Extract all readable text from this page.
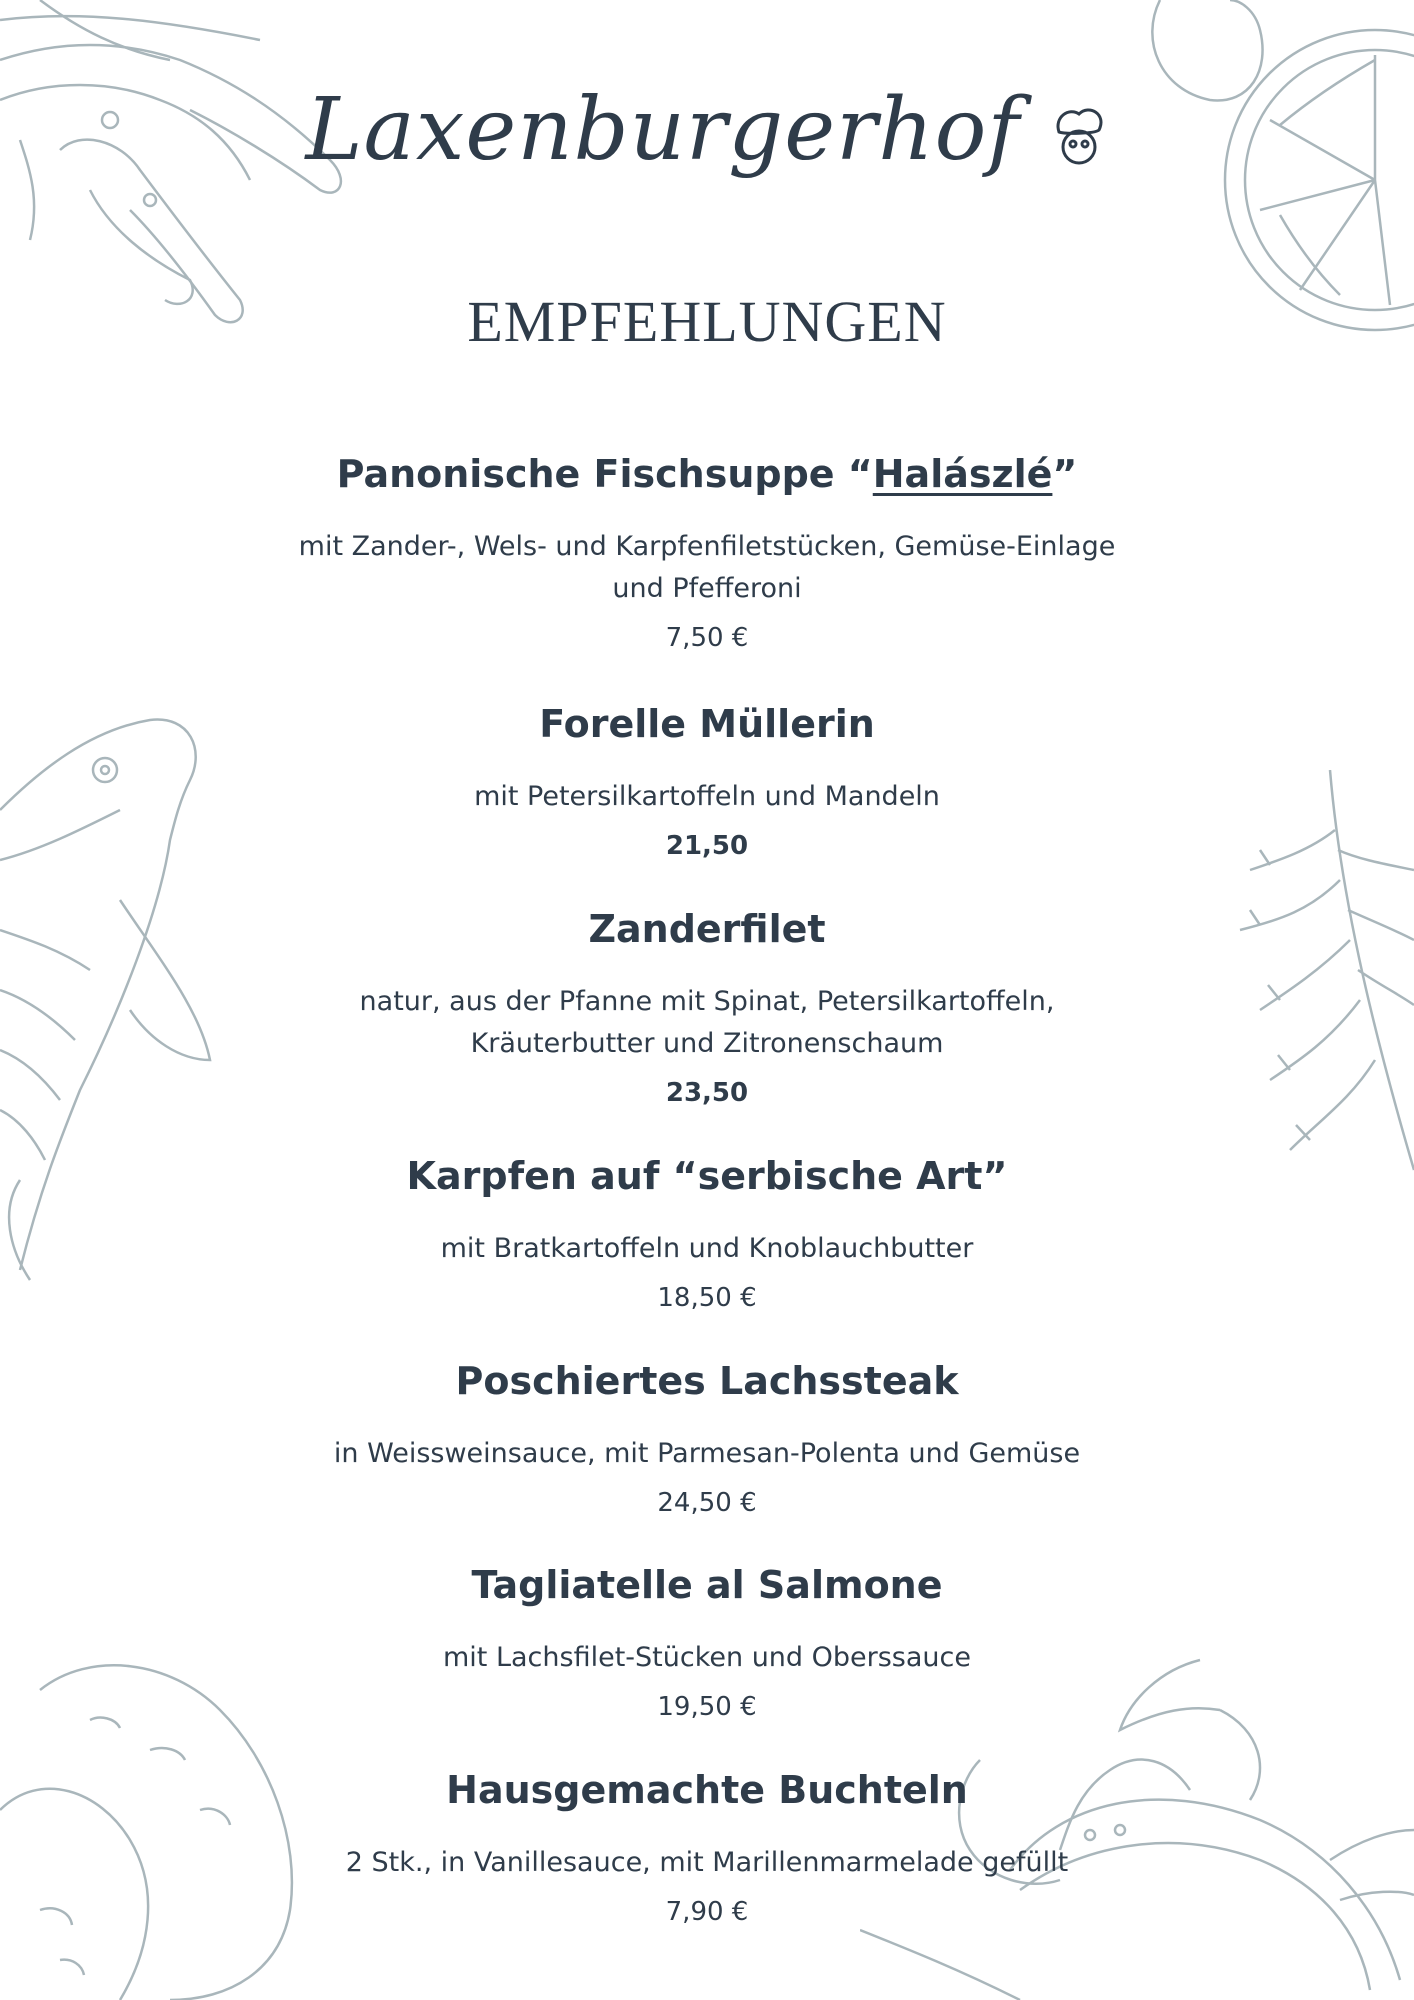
Laxenburgerhof
EMPFEHLUNGEN
Panonische Fischsuppe “Halászlé”
mit Zander-, Wels- und Karpfenfiletstücken, Gemüse-Einlage
und Pfefferoni
7,50 €
Forelle Müllerin
mit Petersilkartoffeln und Mandeln
21,50
Zanderfilet
natur, aus der Pfanne mit Spinat, Petersilkartoffeln,
Kräuterbutter und Zitronenschaum
23,50
Karpfen auf “serbische Art”
mit Bratkartoffeln und Knoblauchbutter
18,50 €
Poschiertes Lachssteak
in Weissweinsauce, mit Parmesan-Polenta und Gemüse
24,50 €
Tagliatelle al Salmone
mit Lachsfilet-Stücken und Oberssauce
19,50 €
Hausgemachte Buchteln
2 Stk., in Vanillesauce, mit Marillenmarmelade gefüllt
7,90 €
